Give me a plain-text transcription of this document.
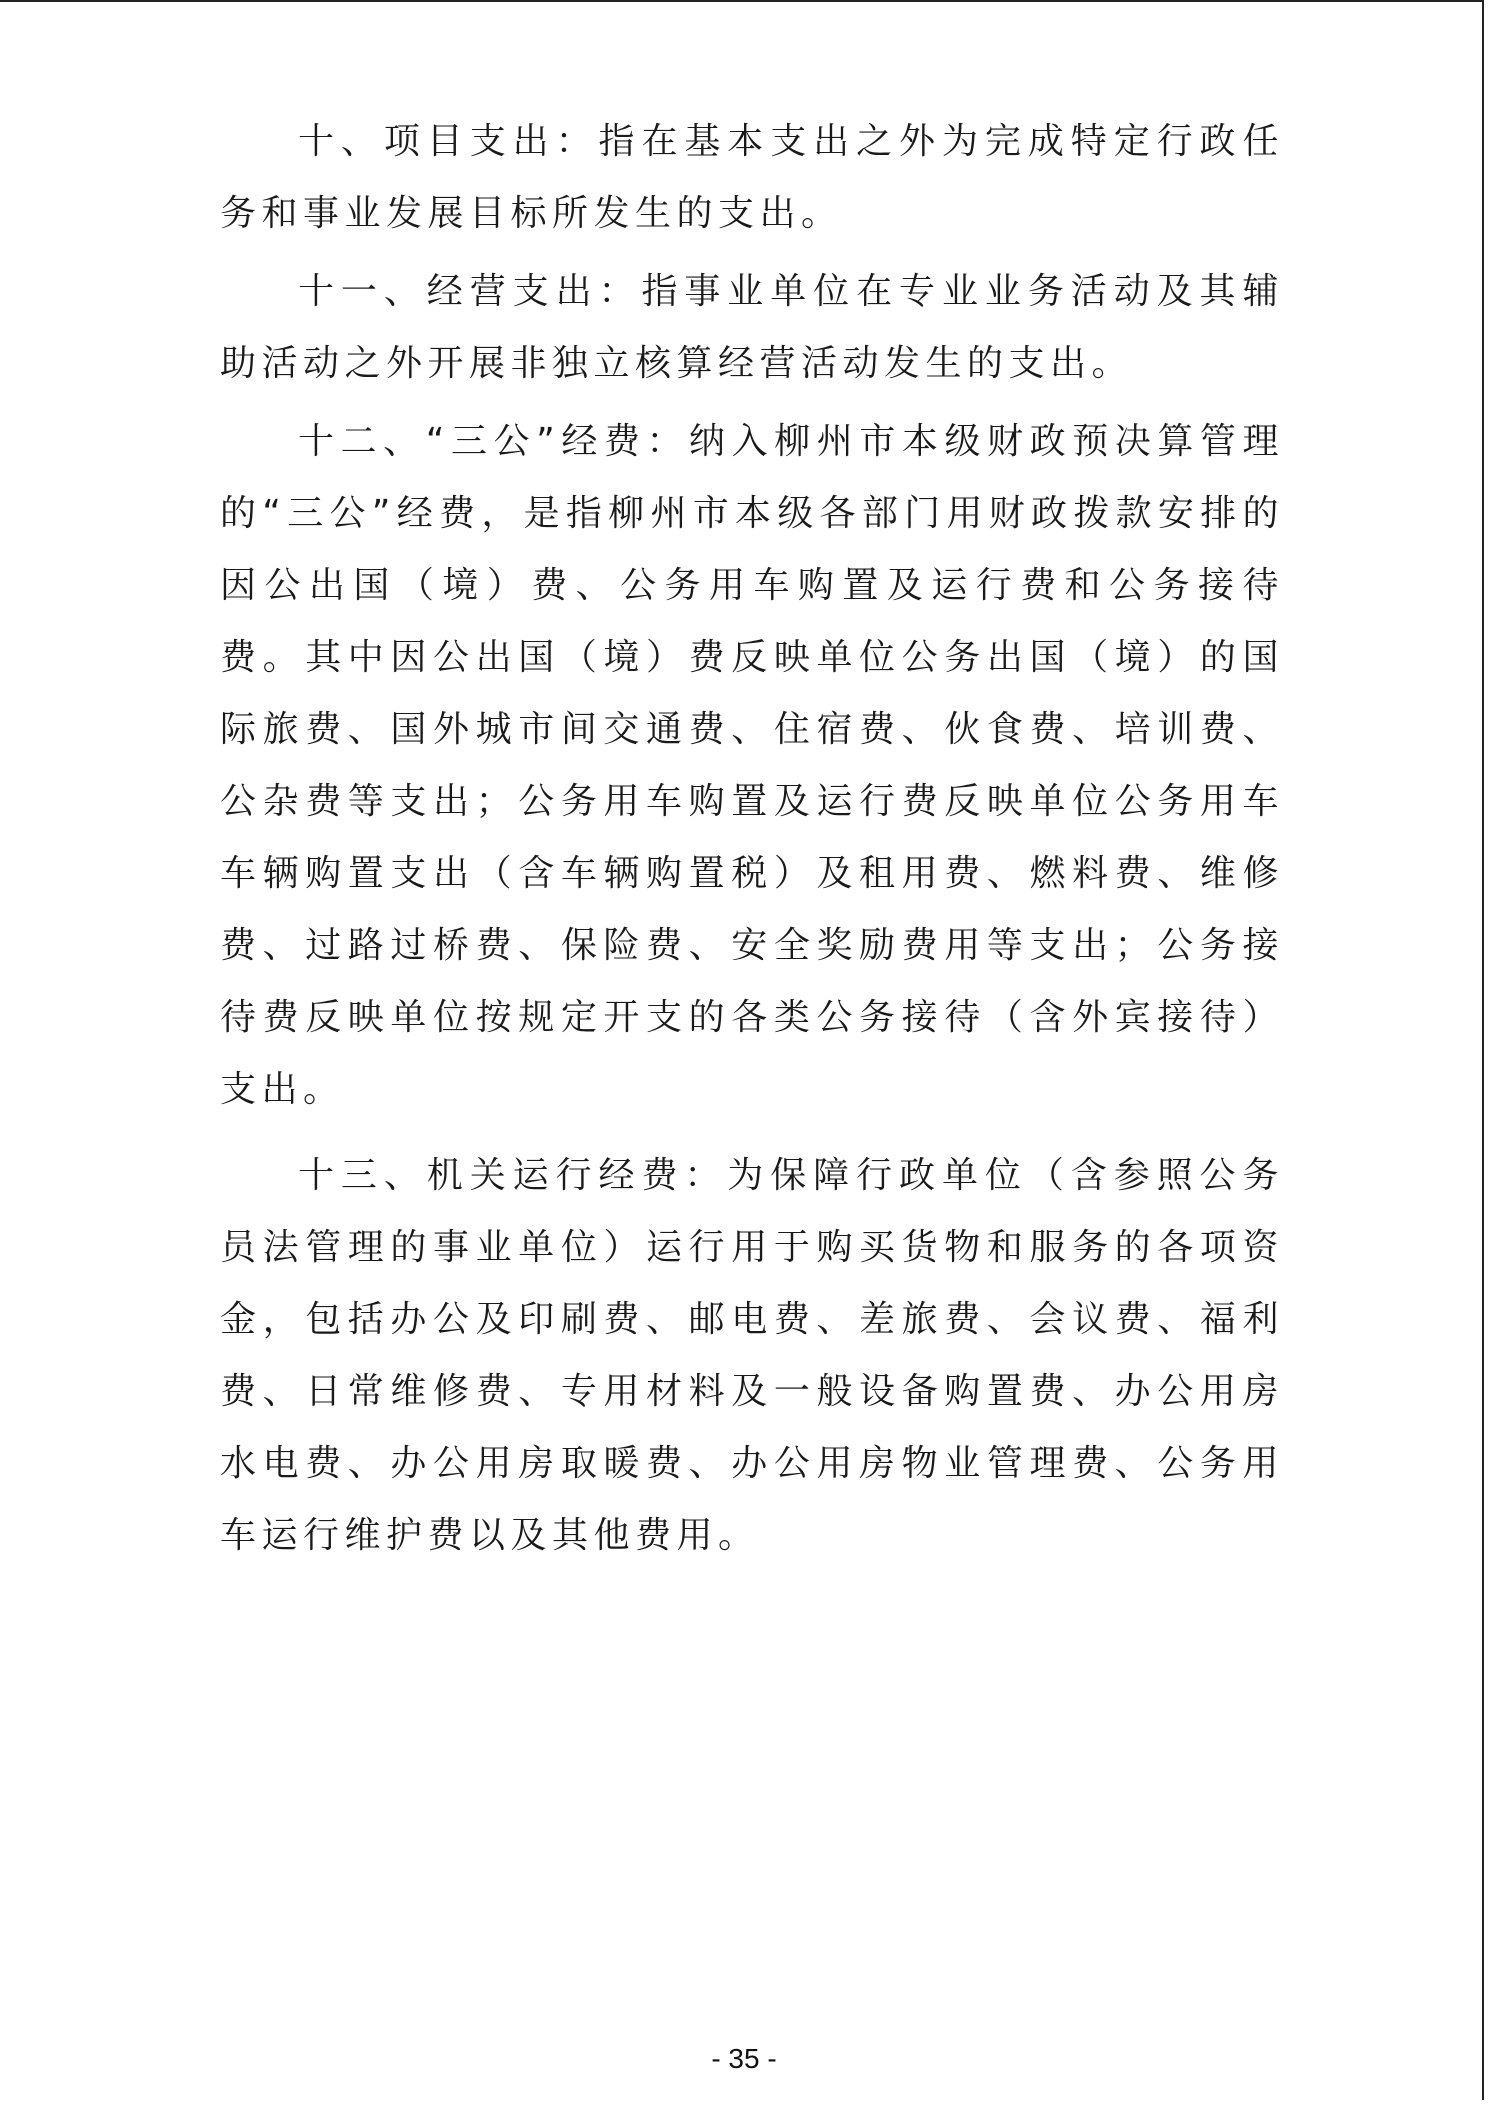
十、项目支出：指在基本支出之外为完成特定行政任务和事业发展目标所发生的支出。

十一、经营支出：指事业单位在专业业务活动及其辅助活动之外开展非独立核算经营活动发生的支出。

十二、“三公”经费：纳入柳州市本级财政预决算管理的“三公”经费，是指柳州市本级各部门用财政拨款安排的因公出国（境）费、公务用车购置及运行费和公务接待费。其中因公出国（境）费反映单位公务出国（境）的国际旅费、国外城市间交通费、住宿费、伙食费、培训费、公杂费等支出；公务用车购置及运行费反映单位公务用车车辆购置支出（含车辆购置税）及租用费、燃料费、维修费、过路过桥费、保险费、安全奖励费用等支出；公务接待费反映单位按规定开支的各类公务接待（含外宾接待）支出。

十三、机关运行经费：为保障行政单位（含参照公务员法管理的事业单位）运行用于购买货物和服务的各项资金，包括办公及印刷费、邮电费、差旅费、会议费、福利费、日常维修费、专用材料及一般设备购置费、办公用房水电费、办公用房取暖费、办公用房物业管理费、公务用车运行维护费以及其他费用。

- 35 -
